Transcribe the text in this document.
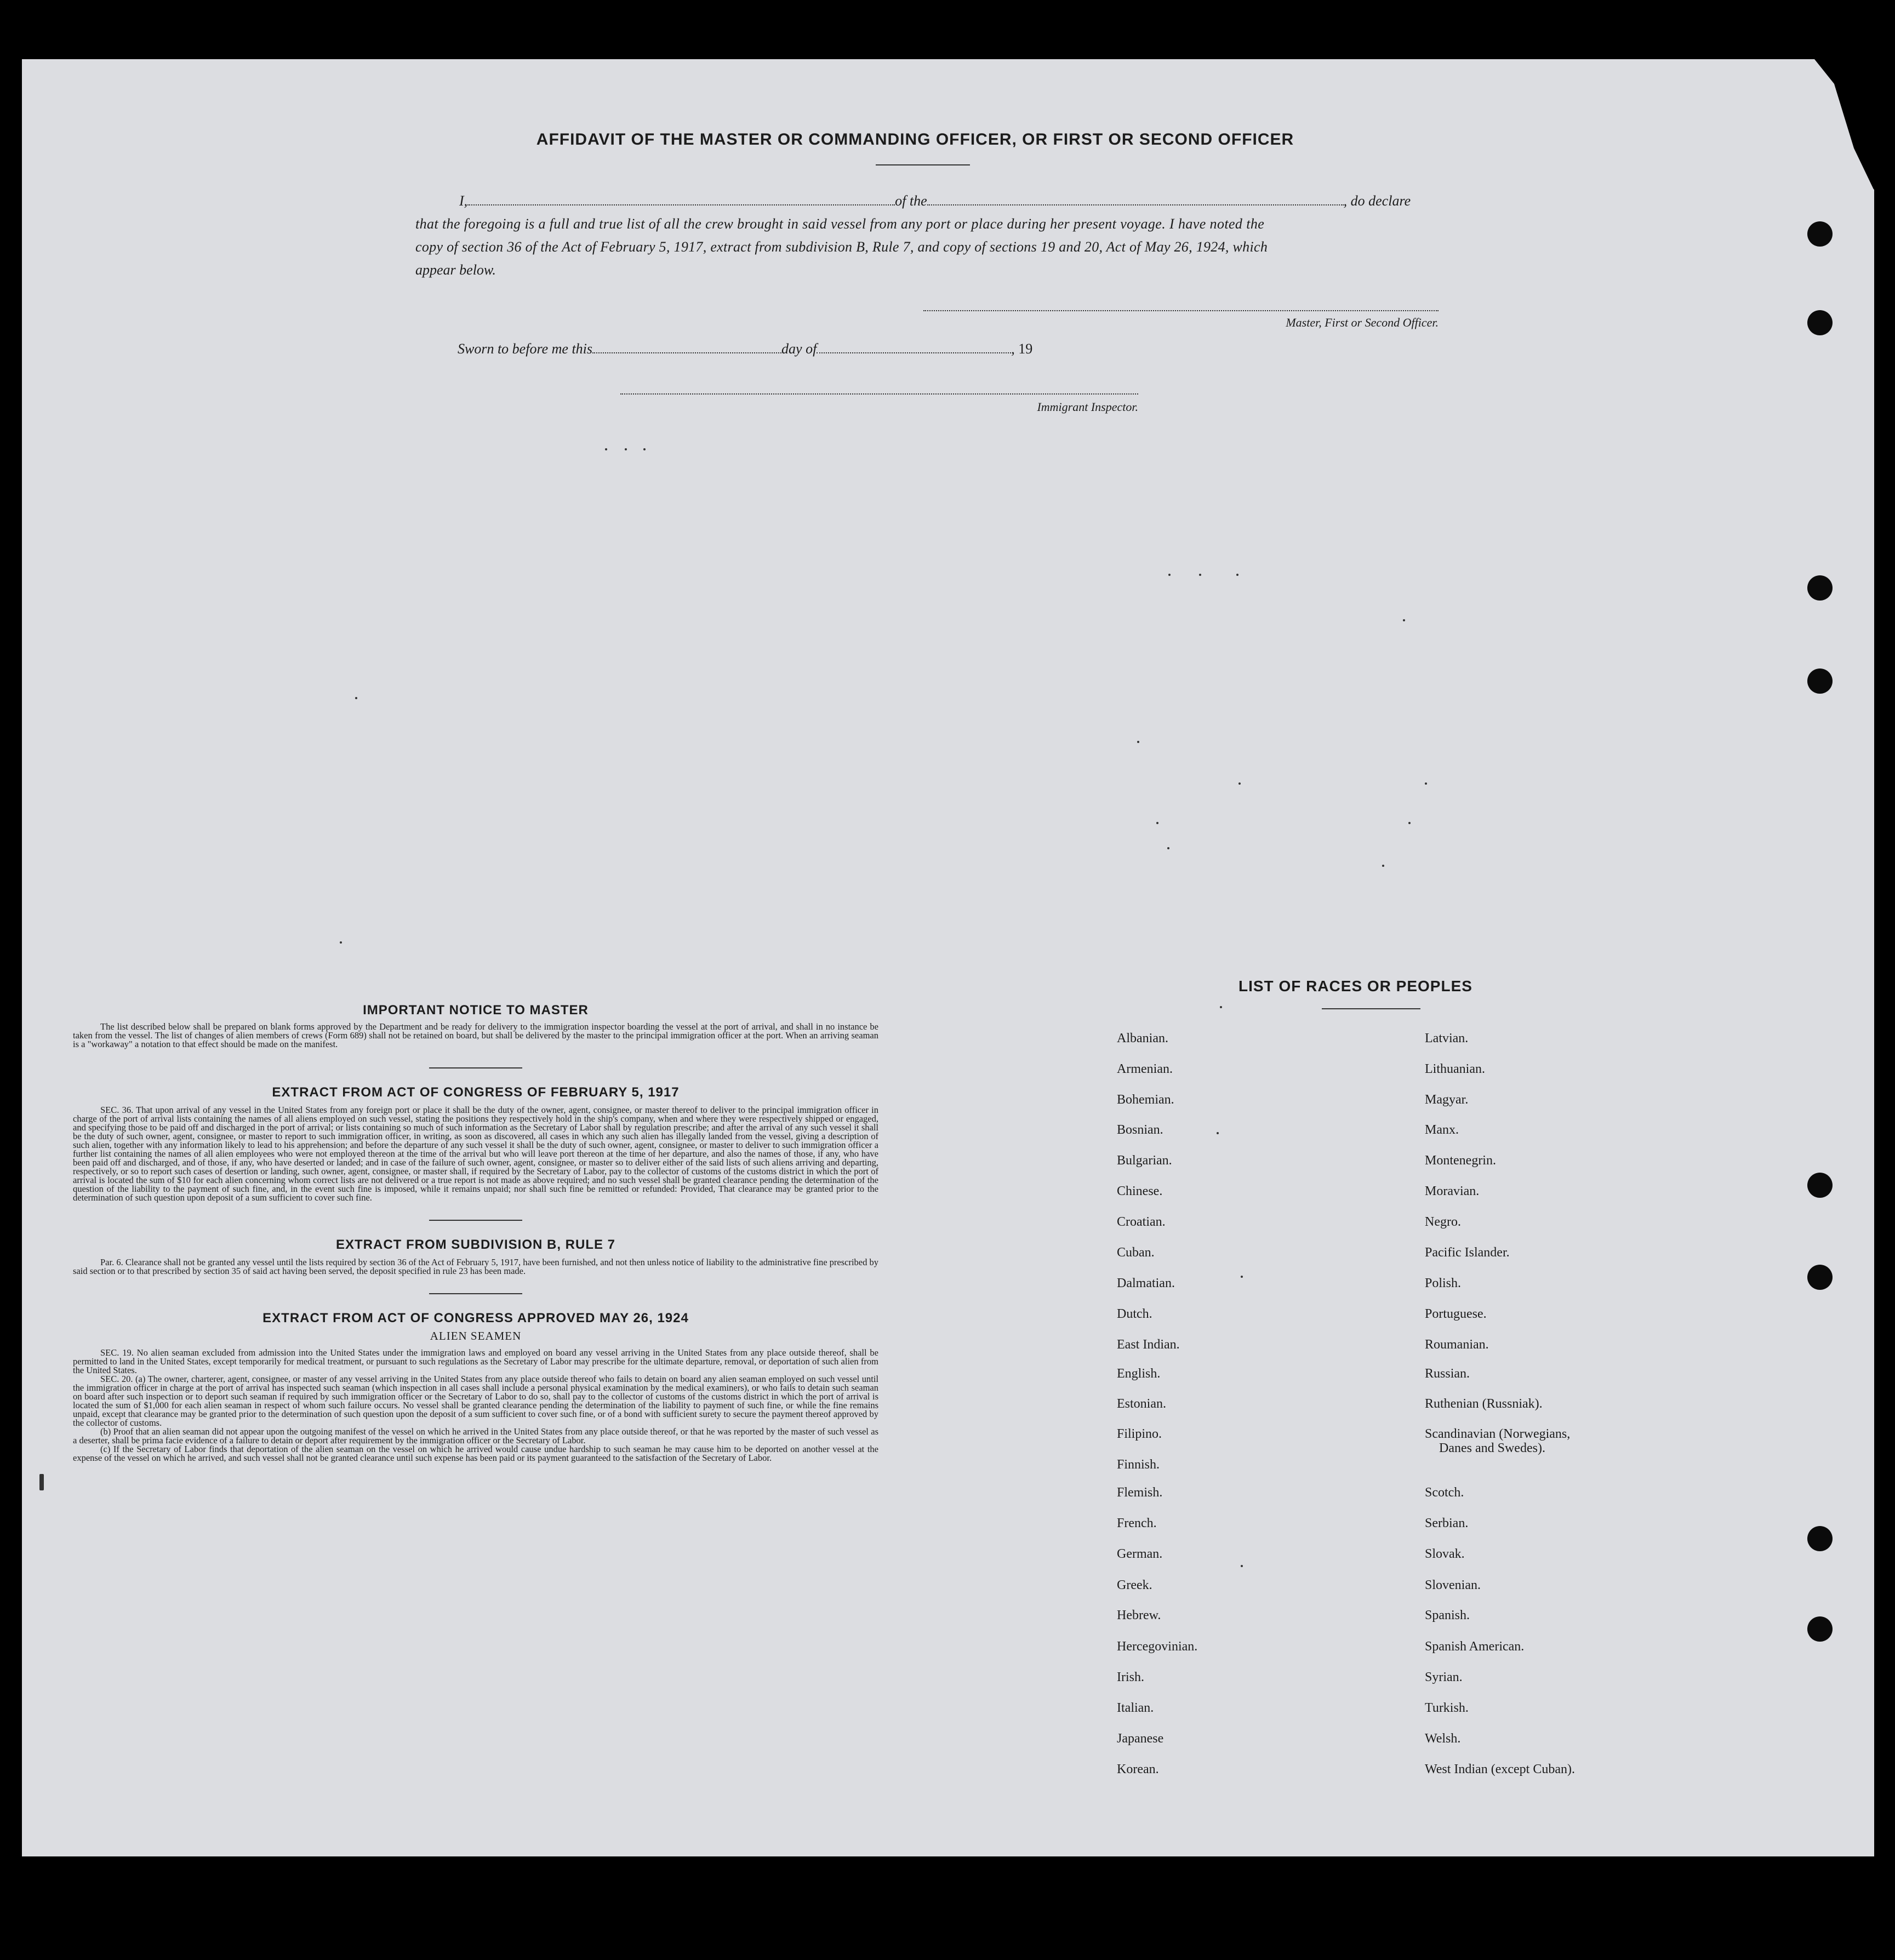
AFFIDAVIT OF THE MASTER OR COMMANDING OFFICER, OR FIRST OR SECOND OFFICER
I,	of the	, do declare
that the foregoing is a full and true list of all the crew brought in said vessel from any port or place during her present voyage. I have noted the
copy of section 36 of the Act of February 5, 1917, extract from subdivision B, Rule 7, and copy of sections 19 and 20, Act of May 26, 1924, which
appear below.
Master, First or Second Officer.
Sworn to before me this	day of	, 19
Immigrant Inspector.
IMPORTANT NOTICE TO MASTER
The list described below shall be prepared on blank forms approved by the Department and be ready for delivery to the immigration inspector boarding the vessel at the port of arrival, and shall in no instance be taken from the vessel. The list of changes of alien members of crews (Form 689) shall not be retained on board, but shall be delivered by the master to the principal immigration officer at the port. When an arriving seaman is a "workaway" a notation to that effect should be made on the manifest.
EXTRACT FROM ACT OF CONGRESS OF FEBRUARY 5, 1917
SEC. 36. That upon arrival of any vessel in the United States from any foreign port or place it shall be the duty of the owner, agent, consignee, or master thereof to deliver to the principal immigration officer in charge of the port of arrival lists containing the names of all aliens employed on such vessel, stating the positions they respectively hold in the ship's company, when and where they were respectively shipped or engaged, and specifying those to be paid off and discharged in the port of arrival; or lists containing so much of such information as the Secretary of Labor shall by regulation prescribe; and after the arrival of any such vessel it shall be the duty of such owner, agent, consignee, or master to report to such immigration officer, in writing, as soon as discovered, all cases in which any such alien has illegally landed from the vessel, giving a description of such alien, together with any information likely to lead to his apprehension; and before the departure of any such vessel it shall be the duty of such owner, agent, consignee, or master to deliver to such immigration officer a further list containing the names of all alien employees who were not employed thereon at the time of the arrival but who will leave port thereon at the time of her departure, and also the names of those, if any, who have been paid off and discharged, and of those, if any, who have deserted or landed; and in case of the failure of such owner, agent, consignee, or master so to deliver either of the said lists of such aliens arriving and departing, respectively, or so to report such cases of desertion or landing, such owner, agent, consignee, or master shall, if required by the Secretary of Labor, pay to the collector of customs of the customs district in which the port of arrival is located the sum of $10 for each alien concerning whom correct lists are not delivered or a true report is not made as above required; and no such vessel shall be granted clearance pending the determination of the question of the liability to the payment of such fine, and, in the event such fine is imposed, while it remains unpaid; nor shall such fine be remitted or refunded: Provided, That clearance may be granted prior to the determination of such question upon deposit of a sum sufficient to cover such fine.
EXTRACT FROM SUBDIVISION B, RULE 7
Par. 6. Clearance shall not be granted any vessel until the lists required by section 36 of the Act of February 5, 1917, have been furnished, and not then unless notice of liability to the administrative fine prescribed by said section or to that prescribed by section 35 of said act having been served, the deposit specified in rule 23 has been made.
EXTRACT FROM ACT OF CONGRESS APPROVED MAY 26, 1924
ALIEN SEAMEN
SEC. 19. No alien seaman excluded from admission into the United States under the immigration laws and employed on board any vessel arriving in the United States from any place outside thereof, shall be permitted to land in the United States, except temporarily for medical treatment, or pursuant to such regulations as the Secretary of Labor may prescribe for the ultimate departure, removal, or deportation of such alien from the United States.
SEC. 20. (a) The owner, charterer, agent, consignee, or master of any vessel arriving in the United States from any place outside thereof who fails to detain on board any alien seaman employed on such vessel until the immigration officer in charge at the port of arrival has inspected such seaman (which inspection in all cases shall include a personal physical examination by the medical examiners), or who fails to detain such seaman on board after such inspection or to deport such seaman if required by such immigration officer or the Secretary of Labor to do so, shall pay to the collector of customs of the customs district in which the port of arrival is located the sum of $1,000 for each alien seaman in respect of whom such failure occurs. No vessel shall be granted clearance pending the determination of the liability to payment of such fine, or while the fine remains unpaid, except that clearance may be granted prior to the determination of such question upon the deposit of a sum sufficient to cover such fine, or of a bond with sufficient surety to secure the payment thereof approved by the collector of customs.
(b) Proof that an alien seaman did not appear upon the outgoing manifest of the vessel on which he arrived in the United States from any place outside thereof, or that he was reported by the master of such vessel as a deserter, shall be prima facie evidence of a failure to detain or deport after requirement by the immigration officer or the Secretary of Labor.
(c) If the Secretary of Labor finds that deportation of the alien seaman on the vessel on which he arrived would cause undue hardship to such seaman he may cause him to be deported on another vessel at the expense of the vessel on which he arrived, and such vessel shall not be granted clearance until such expense has been paid or its payment guaranteed to the satisfaction of the Secretary of Labor.
LIST OF RACES OR PEOPLES
Albanian.
Armenian.
Bohemian.
Bosnian.
Bulgarian.
Chinese.
Croatian.
Cuban.
Dalmatian.
Dutch.
East Indian.
English.
Estonian.
Filipino.
Finnish.
Flemish.
French.
German.
Greek.
Hebrew.
Hercegovinian.
Irish.
Italian.
Japanese
Korean.
Latvian.
Lithuanian.
Magyar.
Manx.
Montenegrin.
Moravian.
Negro.
Pacific Islander.
Polish.
Portuguese.
Roumanian.
Russian.
Ruthenian (Russniak).
Scandinavian (Norwegians,
Danes and Swedes).
Scotch.
Serbian.
Slovak.
Slovenian.
Spanish.
Spanish American.
Syrian.
Turkish.
Welsh.
West Indian (except Cuban).
